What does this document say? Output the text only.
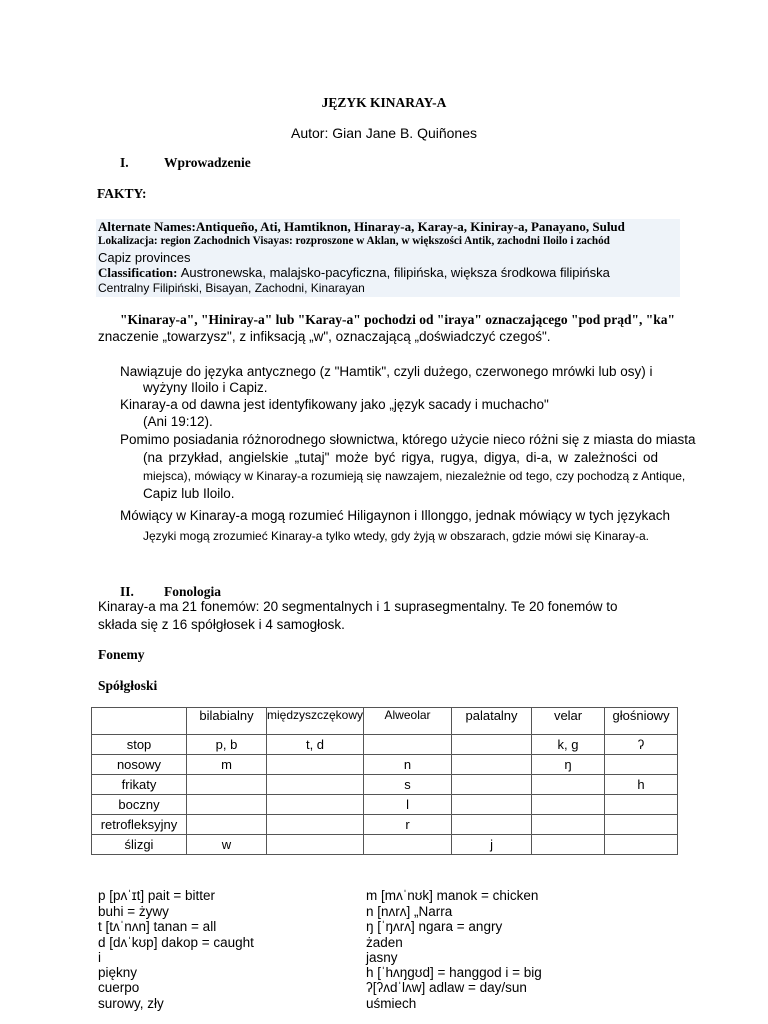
JĘZYK KINARAY-A
Autor: Gian Jane B. Quiñones
I.	Wprowadzenie
FAKTY:
Alternate Names:Antiqueño, Ati, Hamtiknon, Hinaray-a, Karay-a, Kiniray-a, Panayano, Sulud
Lokalizacja: region Zachodnich Visayas: rozproszone w Aklan, w większości Antik, zachodni Iloilo i zachód
Capiz provinces
Classification: Austronewska, malajsko-pacyficzna, filipińska, większa środkowa filipińska
Centralny Filipiński, Bisayan, Zachodni, Kinarayan
"Kinaray-a", "Hiniray-a" lub "Karay-a" pochodzi od "iraya" oznaczającego "pod prąd", "ka"
znaczenie „towarzysz", z infiksacją „w", oznaczającą „doświadczyć czegoś".
Nawiązuje do języka antycznego (z "Hamtik", czyli dużego, czerwonego mrówki lub osy) i
wyżyny Iloilo i Capiz.
Kinaray-a od dawna jest identyfikowany jako „język sacady i muchacho"
(Ani 19:12).
Pomimo posiadania różnorodnego słownictwa, którego użycie nieco różni się z miasta do miasta
(na przykład, angielskie „tutaj" może być rigya, rugya, digya, di-a, w zależności od
miejsca), mówiący w Kinaray-a rozumieją się nawzajem, niezależnie od tego, czy pochodzą z Antique,
Capiz lub Iloilo.
Mówiący w Kinaray-a mogą rozumieć Hiligaynon i Illonggo, jednak mówiący w tych językach
Języki mogą zrozumieć Kinaray-a tylko wtedy, gdy żyją w obszarach, gdzie mówi się Kinaray-a.
II. Fonologia
Kinaray-a ma 21 fonemów: 20 segmentalnych i 1 suprasegmentalny. Te 20 fonemów to
składa się z 16 spółgłosek i 4 samogłosk.
Fonemy
Spółgłoski
	bilabialny	międzyszczękowy	Alweolar	palatalny	velar	głośniowy
stop	p, b	t, d			k, g	ʔ
nosowy	m		n		ŋ	
frikaty			s			h
boczny			l			
retrofleksyjny			r			
ślizgi	w			j		
p [pʌˈɪt] pait = bitter
buhi = żywy
t [tʌˈnʌn] tanan = all
d [dʌˈkʊp] dakop = caught
i
piękny
cuerpo
surowy, zły
m [mʌˈnʊk] manok = chicken
n [nʌrʌ] „Narra
ŋ [ˈŋʌrʌ] ngara = angry
żaden
jasny
h [ˈhʌŋgʊd] = hanggod i = big
ʔ[ʔʌdˈlʌw] adlaw = day/sun
uśmiech
